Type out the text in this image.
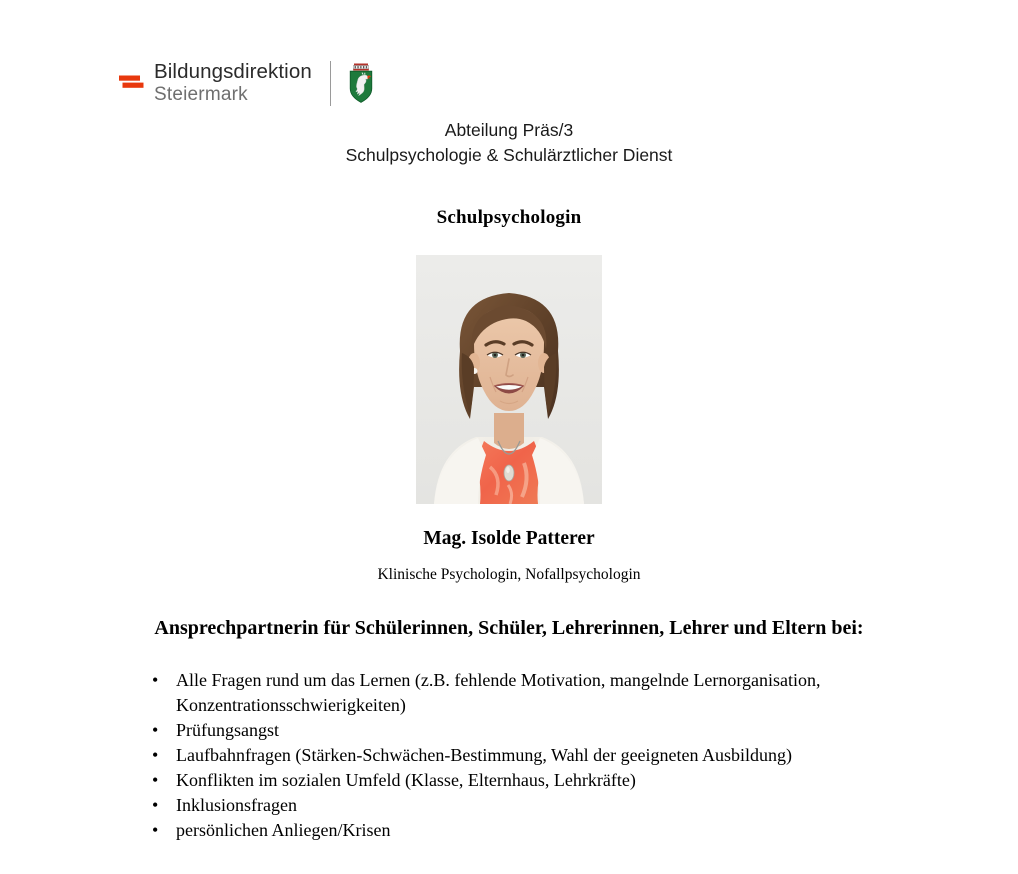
Bildungsdirektion
Steiermark
Abteilung Präs/3
Schulpsychologie & Schulärztlicher Dienst
Schulpsychologin
Mag. Isolde Patterer
Klinische Psychologin, Nofallpsychologin
Ansprechpartnerin für Schülerinnen, Schüler, Lehrerinnen, Lehrer und Eltern bei:
• Alle Fragen rund um das Lernen (z.B. fehlende Motivation, mangelnde Lernorganisation, Konzentrationsschwierigkeiten)
• Prüfungsangst
• Laufbahnfragen (Stärken-Schwächen-Bestimmung, Wahl der geeigneten Ausbildung)
• Konflikten im sozialen Umfeld (Klasse, Elternhaus, Lehrkräfte)
• Inklusionsfragen
• persönlichen Anliegen/Krisen
